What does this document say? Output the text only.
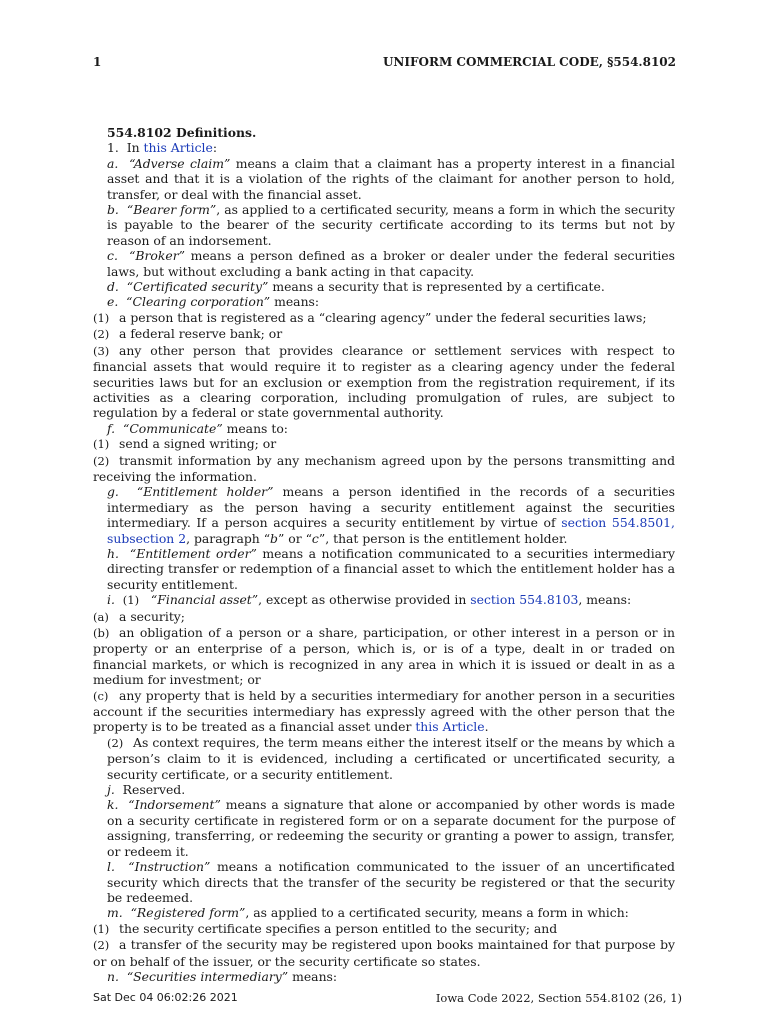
1	UNIFORM COMMERCIAL CODE, §554.8102

554.8102 Definitions.

1. In this Article:

a. “Adverse claim” means a claim that a claimant has a property interest in a financial asset and that it is a violation of the rights of the claimant for another person to hold, transfer, or deal with the financial asset.

b. “Bearer form”, as applied to a certificated security, means a form in which the security is payable to the bearer of the security certificate according to its terms but not by reason of an indorsement.

c. “Broker” means a person defined as a broker or dealer under the federal securities laws, but without excluding a bank acting in that capacity.

d. “Certificated security” means a security that is represented by a certificate.

e. “Clearing corporation” means:

(1) a person that is registered as a “clearing agency” under the federal securities laws;

(2) a federal reserve bank; or

(3) any other person that provides clearance or settlement services with respect to financial assets that would require it to register as a clearing agency under the federal securities laws but for an exclusion or exemption from the registration requirement, if its activities as a clearing corporation, including promulgation of rules, are subject to regulation by a federal or state governmental authority.

f. “Communicate” means to:

(1) send a signed writing; or

(2) transmit information by any mechanism agreed upon by the persons transmitting and receiving the information.

g. “Entitlement holder” means a person identified in the records of a securities intermediary as the person having a security entitlement against the securities intermediary. If a person acquires a security entitlement by virtue of section 554.8501, subsection 2, paragraph “b” or “c”, that person is the entitlement holder.

h. “Entitlement order” means a notification communicated to a securities intermediary directing transfer or redemption of a financial asset to which the entitlement holder has a security entitlement.

i. (1) “Financial asset”, except as otherwise provided in section 554.8103, means:

(a) a security;

(b) an obligation of a person or a share, participation, or other interest in a person or in property or an enterprise of a person, which is, or is of a type, dealt in or traded on financial markets, or which is recognized in any area in which it is issued or dealt in as a medium for investment; or

(c) any property that is held by a securities intermediary for another person in a securities account if the securities intermediary has expressly agreed with the other person that the property is to be treated as a financial asset under this Article.

(2) As context requires, the term means either the interest itself or the means by which a person’s claim to it is evidenced, including a certificated or uncertificated security, a security certificate, or a security entitlement.

j. Reserved.

k. “Indorsement” means a signature that alone or accompanied by other words is made on a security certificate in registered form or on a separate document for the purpose of assigning, transferring, or redeeming the security or granting a power to assign, transfer, or redeem it.

l. “Instruction” means a notification communicated to the issuer of an uncertificated security which directs that the transfer of the security be registered or that the security be redeemed.

m. “Registered form”, as applied to a certificated security, means a form in which:

(1) the security certificate specifies a person entitled to the security; and

(2) a transfer of the security may be registered upon books maintained for that purpose by or on behalf of the issuer, or the security certificate so states.

n. “Securities intermediary” means:

Sat Dec 04 06:02:26 2021	Iowa Code 2022, Section 554.8102 (26, 1)
